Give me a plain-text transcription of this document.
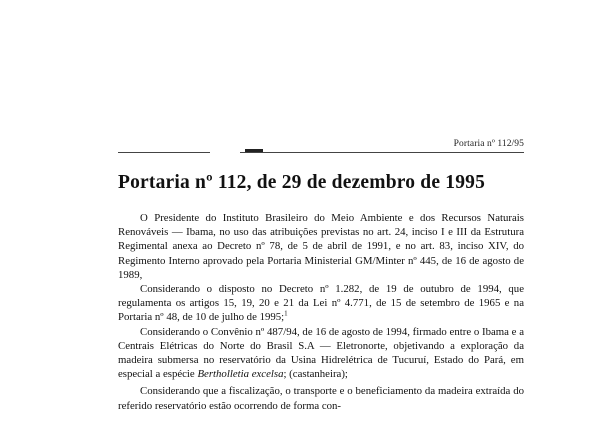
Portaria nº 112/95
Portaria nº 112, de 29 de dezembro de 1995

O Presidente do Instituto Brasileiro do Meio Ambiente e dos Recursos Naturais Renováveis — Ibama, no uso das atribuições previstas no art. 24, inciso I e III da Estrutura Regimental anexa ao Decreto nº 78, de 5 de abril de 1991, e no art. 83, inciso XIV, do Regimento Interno aprovado pela Portaria Ministerial GM/Minter nº 445, de 16 de agosto de 1989,

Considerando o disposto no Decreto nº 1.282, de 19 de outubro de 1994, que regulamenta os artigos 15, 19, 20 e 21 da Lei nº 4.771, de 15 de setembro de 1965 e na Portaria nº 48, de 10 de julho de 1995;$^1$

Considerando o Convênio nº 487/94, de 16 de agosto de 1994, firmado entre o Ibama e a Centrais Elétricas do Norte do Brasil S.A — Eletronorte, objetivando a exploração da madeira submersa no reservatório da Usina Hidrelétrica de Tucuruí, Estado do Pará, em especial a espécie Bertholletia excelsa; (castanheira);

Considerando que a fiscalização, o transporte e o beneficiamento da madeira extraída do referido reservatório estão ocorrendo de forma con-
